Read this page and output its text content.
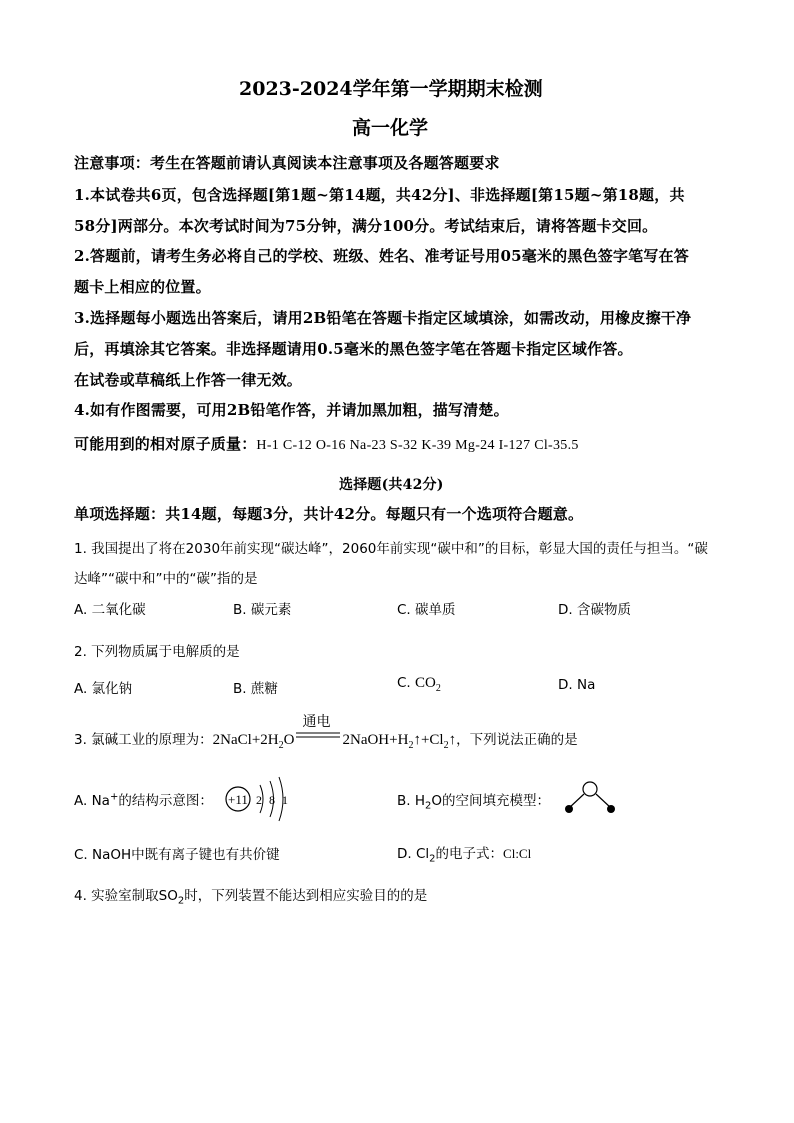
2023-2024学年第一学期期末检测
高一化学
注意事项：考生在答题前请认真阅读本注意事项及各题答题要求
1.本试卷共6页，包含选择题[第1题~第14题，共42分]、非选择题[第15题~第18题，共
58分]两部分。本次考试时间为75分钟，满分100分。考试结束后，请将答题卡交回。
2.答题前，请考生务必将自己的学校、班级、姓名、准考证号用05毫米的黑色签字笔写在答
题卡上相应的位置。
3.选择题每小题选出答案后，请用2B铅笔在答题卡指定区域填涂，如需改动，用橡皮擦干净
后，再填涂其它答案。非选择题请用0.5毫米的黑色签字笔在答题卡指定区域作答。
在试卷或草稿纸上作答一律无效。
4.如有作图需要，可用2B铅笔作答，并请加黑加粗，描写清楚。
可能用到的相对原子质量：H-1 C-12 O-16 Na-23 S-32 K-39 Mg-24 I-127 Cl-35.5
选择题(共42分)
单项选择题：共14题，每题3分，共计42分。每题只有一个选项符合题意。
1. 我国提出了将在2030年前实现“碳达峰”，2060年前实现“碳中和”的目标，彰显大国的责任与担当。“碳
达峰”“碳中和”中的“碳”指的是
A. 二氧化碳	B. 碳元素	C. 碳单质	D. 含碳物质
2. 下列物质属于电解质的是
A. 氯化钠	B. 蔗糖	C. $CO_2$	D. Na
3. 氯碱工业的原理为：$2NaCl+2H_2O$
通电
$2NaOH+H_2↑+Cl_2↑$，下列说法正确的是
A. Na+的结构示意图： +11 2 8 1	B. $H_2O$的空间填充模型：
C. NaOH中既有离子键也有共价键	D. $Cl_2$的电子式：Cl:Cl
4. 实验室制取$SO_2$时，下列装置不能达到相应实验目的的是
